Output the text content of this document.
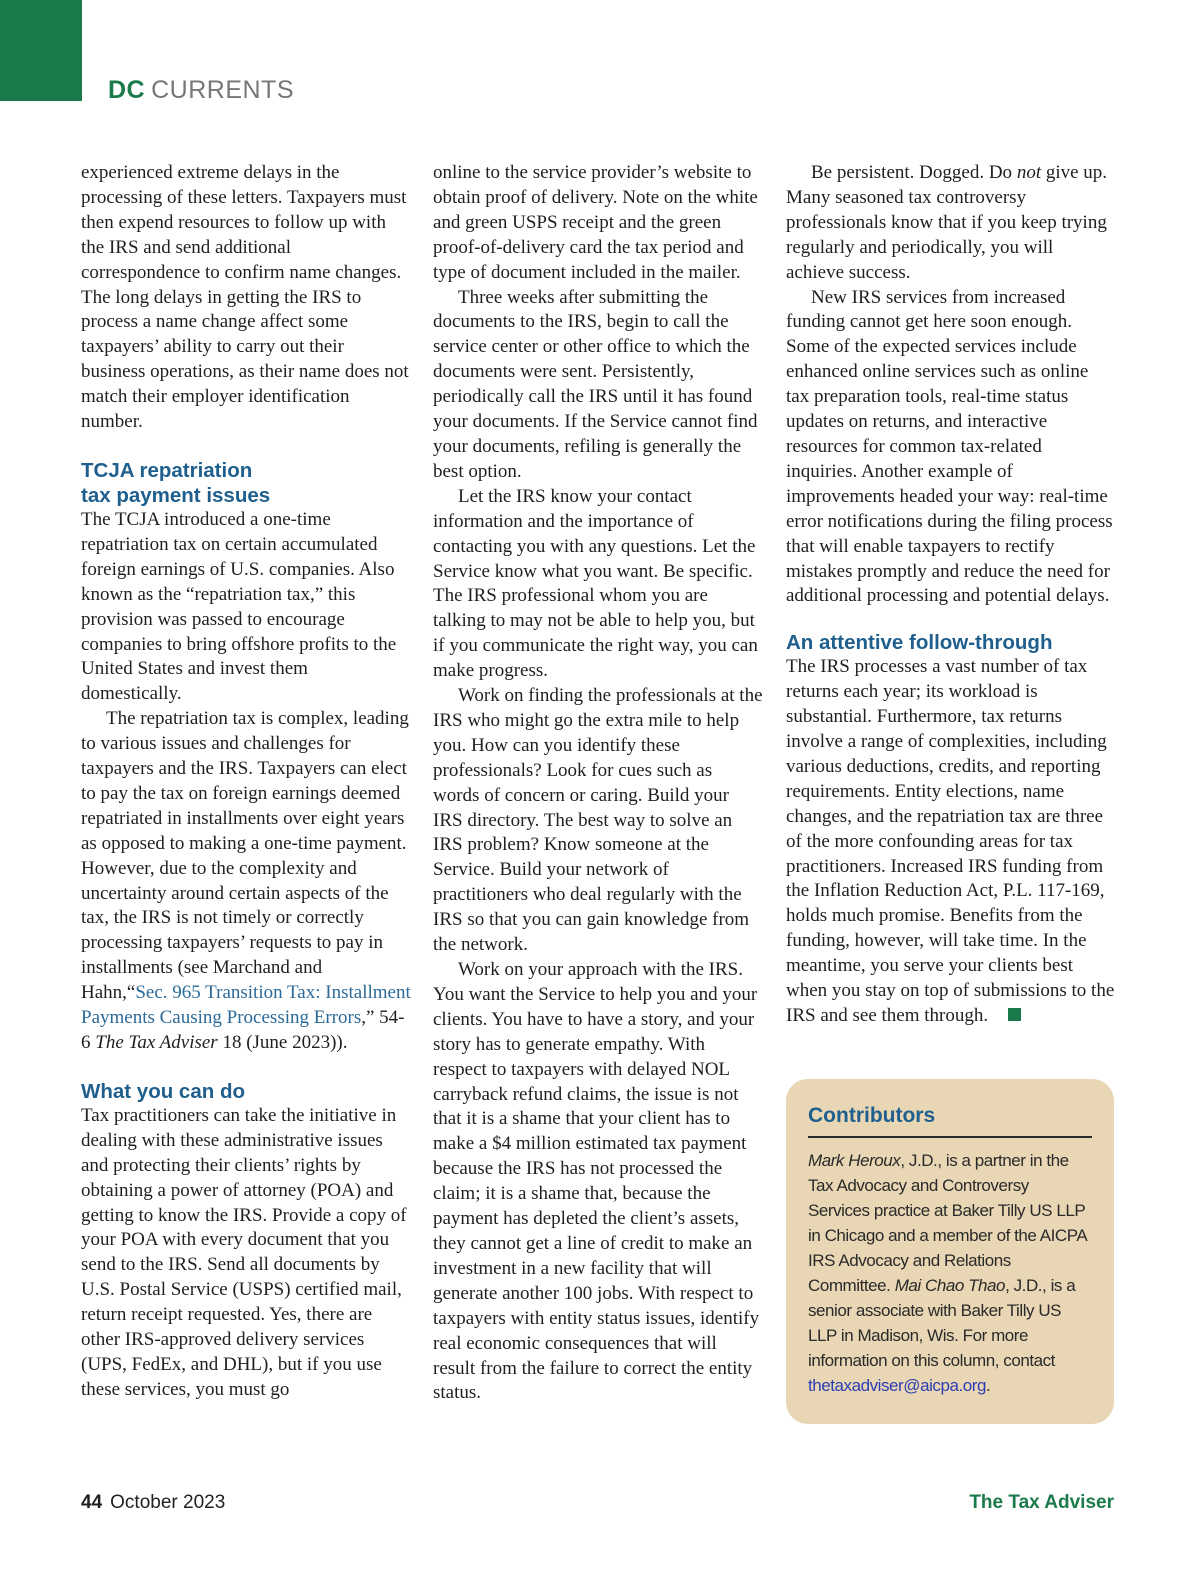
DC CURRENTS

experienced extreme delays in the processing of these letters. Taxpayers must then expend resources to follow up with the IRS and send additional correspondence to confirm name changes. The long delays in getting the IRS to process a name change affect some taxpayers’ ability to carry out their business operations, as their name does not match their employer identification number.

TCJA repatriation
tax payment issues

The TCJA introduced a one-time repatriation tax on certain accumulated foreign earnings of U.S. companies. Also known as the “repatriation tax,” this provision was passed to encourage companies to bring offshore profits to the United States and invest them domestically.

The repatriation tax is complex, leading to various issues and challenges for taxpayers and the IRS. Taxpayers can elect to pay the tax on foreign earnings deemed repatriated in installments over eight years as opposed to making a one-time payment. However, due to the complexity and uncertainty around certain aspects of the tax, the IRS is not timely or correctly processing taxpayers’ requests to pay in installments (see Marchand and Hahn,“Sec. 965 Transition Tax: Installment Payments Causing Processing Errors,” 54-6 The Tax Adviser 18 (June 2023)).

What you can do

Tax practitioners can take the initiative in dealing with these administrative issues and protecting their clients’ rights by obtaining a power of attorney (POA) and getting to know the IRS. Provide a copy of your POA with every document that you send to the IRS. Send all documents by U.S. Postal Service (USPS) certified mail, return receipt requested. Yes, there are other IRS-approved delivery services (UPS, FedEx, and DHL), but if you use these services, you must go

online to the service provider’s website to obtain proof of delivery. Note on the white and green USPS receipt and the green proof-of-delivery card the tax period and type of document included in the mailer.

Three weeks after submitting the documents to the IRS, begin to call the service center or other office to which the documents were sent. Persistently, periodically call the IRS until it has found your documents. If the Service cannot find your documents, refiling is generally the best option.

Let the IRS know your contact information and the importance of contacting you with any questions. Let the Service know what you want. Be specific. The IRS professional whom you are talking to may not be able to help you, but if you communicate the right way, you can make progress.

Work on finding the professionals at the IRS who might go the extra mile to help you. How can you identify these professionals? Look for cues such as words of concern or caring. Build your IRS directory. The best way to solve an IRS problem? Know someone at the Service. Build your network of practitioners who deal regularly with the IRS so that you can gain knowledge from the network.

Work on your approach with the IRS. You want the Service to help you and your clients. You have to have a story, and your story has to generate empathy. With respect to taxpayers with delayed NOL carryback refund claims, the issue is not that it is a shame that your client has to make a $4 million estimated tax payment because the IRS has not processed the claim; it is a shame that, because the payment has depleted the client’s assets, they cannot get a line of credit to make an investment in a new facility that will generate another 100 jobs. With respect to taxpayers with entity status issues, identify real economic consequences that will result from the failure to correct the entity status.

Be persistent. Dogged. Do not give up. Many seasoned tax controversy professionals know that if you keep trying regularly and periodically, you will achieve success.

New IRS services from increased funding cannot get here soon enough. Some of the expected services include enhanced online services such as online tax preparation tools, real-time status updates on returns, and interactive resources for common tax-related inquiries. Another example of improvements headed your way: real-time error notifications during the filing process that will enable taxpayers to rectify mistakes promptly and reduce the need for additional processing and potential delays.

An attentive follow-through

The IRS processes a vast number of tax returns each year; its workload is substantial. Furthermore, tax returns involve a range of complexities, including various deductions, credits, and reporting requirements. Entity elections, name changes, and the repatriation tax are three of the more confounding areas for tax practitioners. Increased IRS funding from the Inflation Reduction Act, P.L. 117-169, holds much promise. Benefits from the funding, however, will take time. In the meantime, you serve your clients best when you stay on top of submissions to the IRS and see them through.

Contributors
Mark Heroux, J.D., is a partner in the Tax Advocacy and Controversy Services practice at Baker Tilly US LLP in Chicago and a member of the AICPA IRS Advocacy and Relations Committee. Mai Chao Thao, J.D., is a senior associate with Baker Tilly US LLP in Madison, Wis. For more information on this column, contact thetaxadviser@aicpa.org.
44 October 2023	The Tax Adviser
